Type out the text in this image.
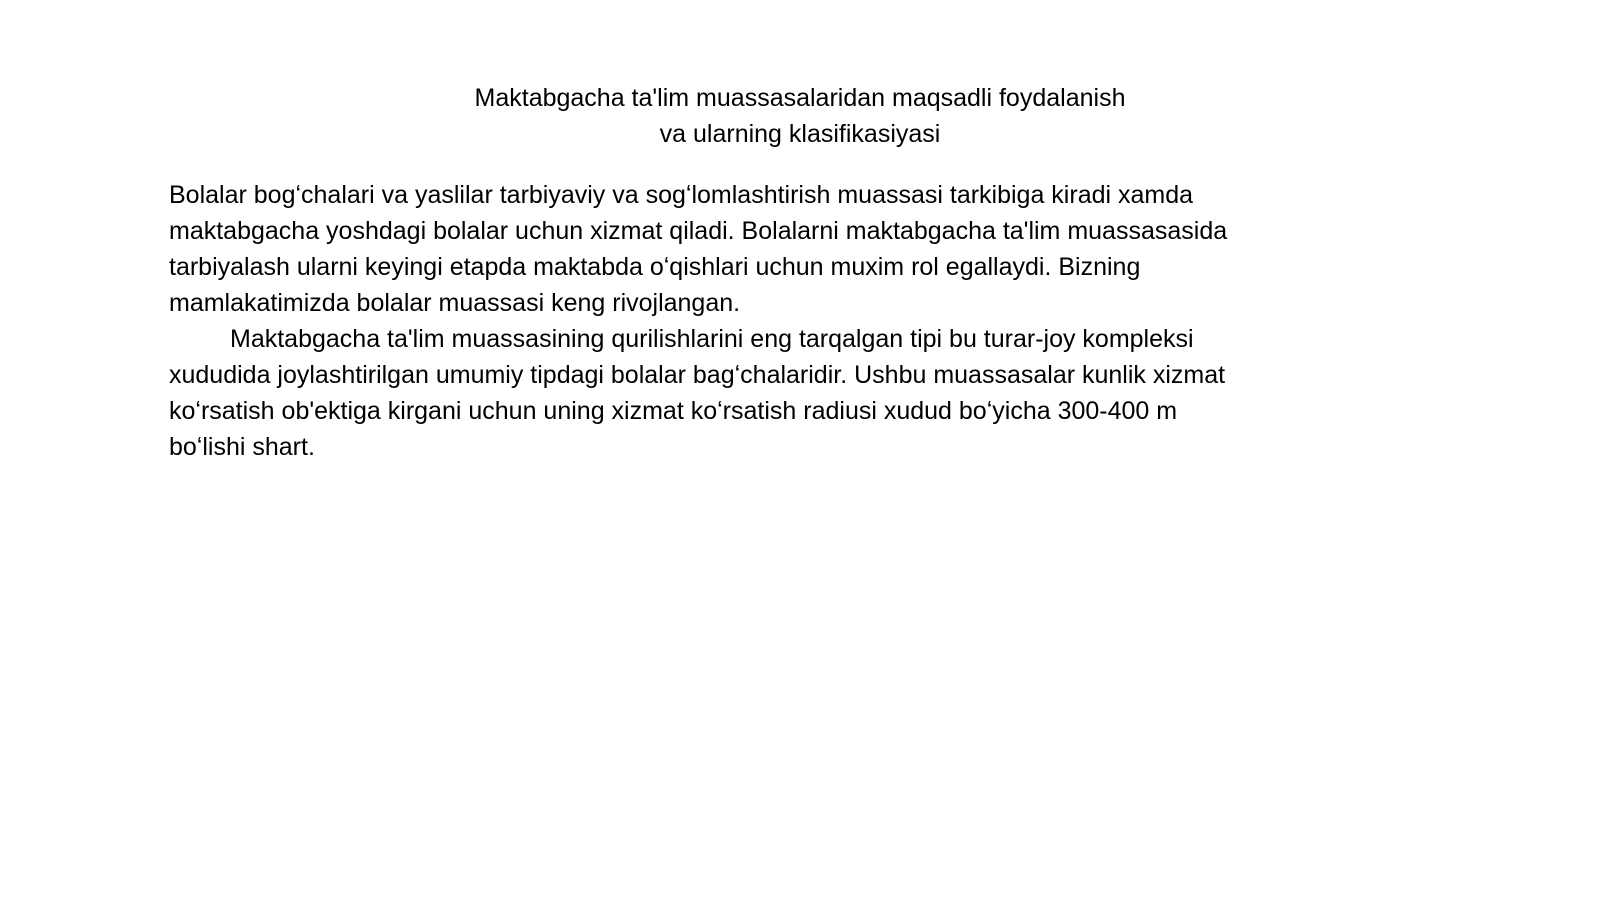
Maktabgacha ta'lim muassasalaridan maqsadli foydalanish
va ularning klasifikasiyasi
Bolalar bogʻchalari va yaslilar tarbiyaviy va sogʻlomlashtirish muassasi tarkibiga kiradi xamda
maktabgacha yoshdagi bolalar uchun xizmat qiladi. Bolalarni maktabgacha ta'lim muassasasida
tarbiyalash ularni keyingi etapda maktabda oʻqishlari uchun muxim rol egallaydi. Bizning
mamlakatimizda bolalar muassasi keng rivojlangan.
Maktabgacha ta'lim muassasining qurilishlarini eng tarqalgan tipi bu turar-joy kompleksi
xududida joylashtirilgan umumiy tipdagi bolalar bagʻchalaridir. Ushbu muassasalar kunlik xizmat
koʻrsatish ob'ektiga kirgani uchun uning xizmat koʻrsatish radiusi xudud boʻyicha 300-400 m
boʻlishi shart.
